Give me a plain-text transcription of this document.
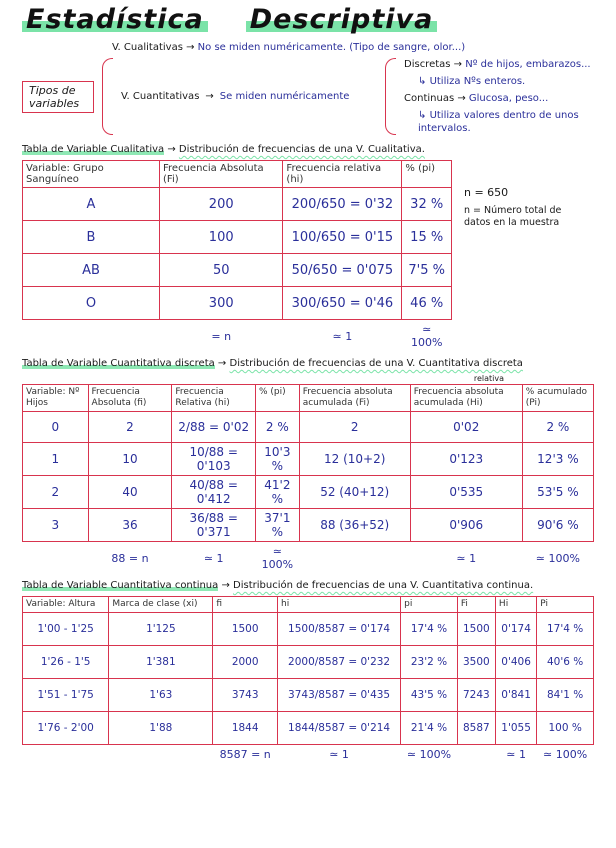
Estadística Descriptiva
V. Cualitativas → No se miden numéricamente. (Tipo de sangre, olor...)
Tipos de variables	V. Cuantitativas → Se miden numéricamente
Discretas → Nº de hijos, embarazos...
↳ Utiliza Nºs enteros.
Continuas → Glucosa, peso...
↳ Utiliza valores dentro de unos intervalos.
Tabla de Variable Cualitativa → Distribución de frecuencias de una V. Cualitativa.
Variable: Grupo Sanguíneo	Frecuencia Absoluta (Fi)	Frecuencia relativa (hi)	% (pi)
A	200	200/650 = 0'32	32 %
B	100	100/650 = 0'15	15 %
AB	50	50/650 = 0'075	7'5 %
O	300	300/650 = 0'46	46 %
	= n	≃ 1	≃ 100%
n = 650
n = Número total de datos en la muestra
Tabla de Variable Cuantitativa discreta → Distribución de frecuencias de una V. Cuantitativa discreta
relativa
Variable: Nº Hijos	Frecuencia Absoluta (fi)	Frecuencia Relativa (hi)	% (pi)	Frecuencia absoluta acumulada (Fi)	Frecuencia absoluta acumulada (Hi)	% acumulado (Pi)
0	2	2/88 = 0'02	2 %	2	0'02	2 %
1	10	10/88 = 0'103	10'3 %	12 (10+2)	0'123	12'3 %
2	40	40/88 = 0'412	41'2 %	52 (40+12)	0'535	53'5 %
3	36	36/88 = 0'371	37'1 %	88 (36+52)	0'906	90'6 %
	88 = n	≃ 1	≃ 100%		≃ 1	≃ 100%
Tabla de Variable Cuantitativa continua → Distribución de frecuencias de una V. Cuantitativa continua.
Variable: Altura	Marca de clase (xi)	fi	hi	pi	Fi	Hi	Pi
1'00 - 1'25	1'125	1500	1500/8587 = 0'174	17'4 %	1500	0'174	17'4 %
1'26 - 1'5	1'381	2000	2000/8587 = 0'232	23'2 %	3500	0'406	40'6 %
1'51 - 1'75	1'63	3743	3743/8587 = 0'435	43'5 %	7243	0'841	84'1 %
1'76 - 2'00	1'88	1844	1844/8587 = 0'214	21'4 %	8587	1'055	100 %
		8587 = n	≃ 1	≃ 100%		≃ 1	≃ 100%
